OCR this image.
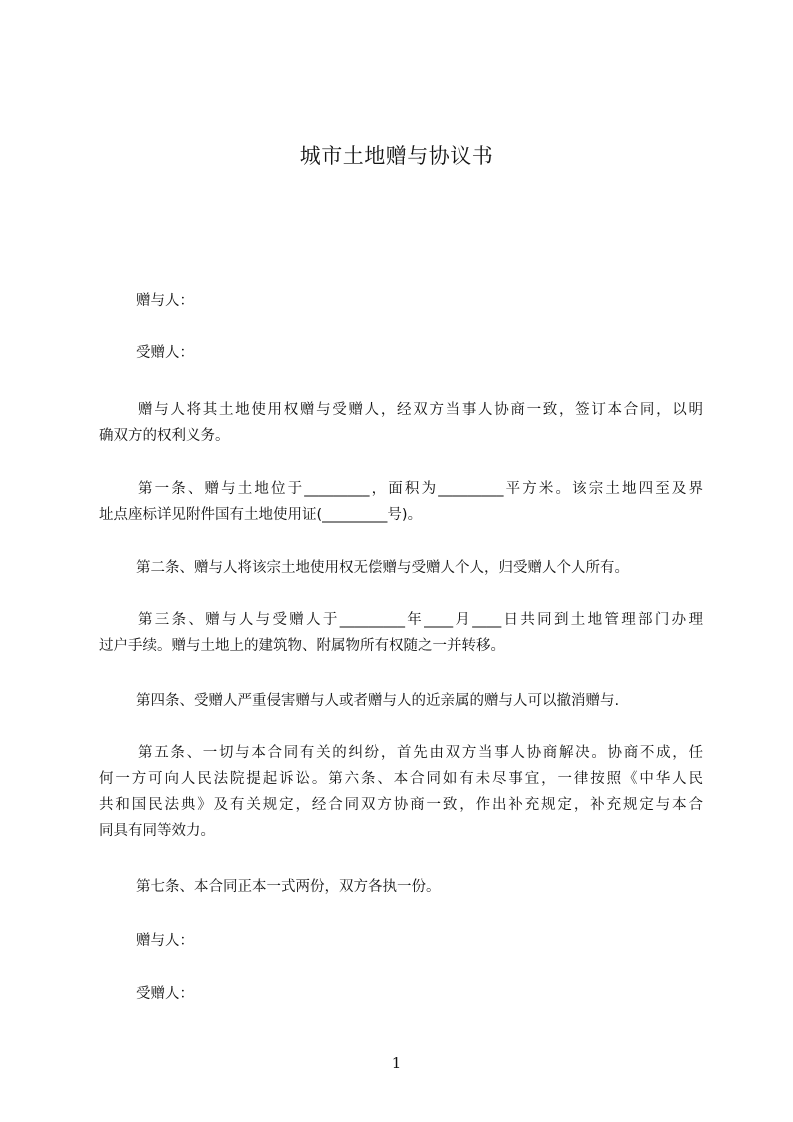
城市土地赠与协议书
赠与人：
受赠人：
赠与人将其土地使用权赠与受赠人，经双方当事人协商一致，签订本合同，以明
确双方的权利义务。
第一条、赠与土地位于_________，面积为_________平方米。该宗土地四至及界
址点座标详见附件国有土地使用证(_________号)。
第二条、赠与人将该宗土地使用权无偿赠与受赠人个人，归受赠人个人所有。
第三条、赠与人与受赠人于_________年____月____日共同到土地管理部门办理
过户手续。赠与土地上的建筑物、附属物所有权随之一并转移。
第四条、受赠人严重侵害赠与人或者赠与人的近亲属的赠与人可以撤消赠与.
第五条、一切与本合同有关的纠纷，首先由双方当事人协商解决。协商不成，任
何一方可向人民法院提起诉讼。第六条、本合同如有未尽事宜，一律按照《中华人民
共和国民法典》及有关规定，经合同双方协商一致，作出补充规定，补充规定与本合
同具有同等效力。
第七条、本合同正本一式两份，双方各执一份。
赠与人：
受赠人：
1
